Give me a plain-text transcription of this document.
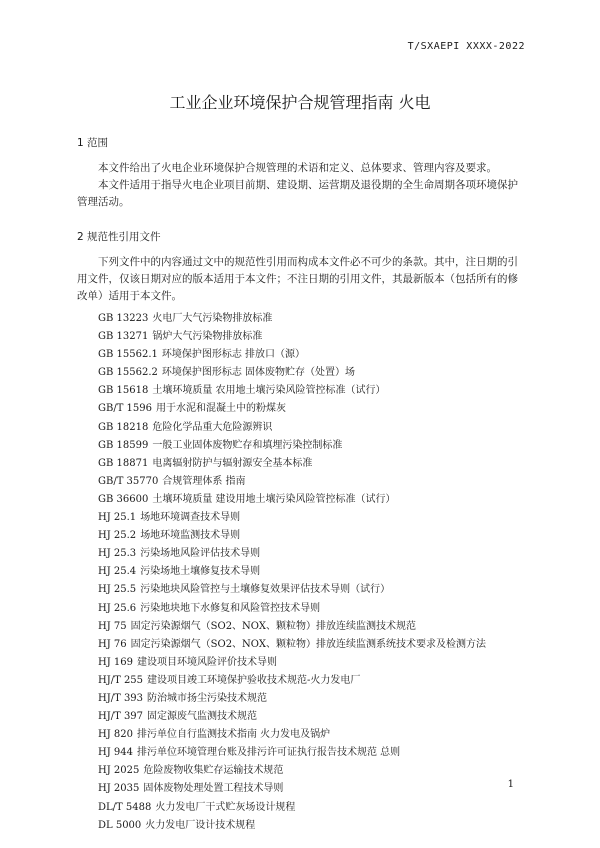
T/SXAEPI XXXX-2022
工业企业环境保护合规管理指南 火电
1 范围

本文件给出了火电企业环境保护合规管理的术语和定义、总体要求、管理内容及要求。

本文件适用于指导火电企业项目前期、建设期、运营期及退役期的全生命周期各项环境保护管理活动。

2 规范性引用文件

下列文件中的内容通过文中的规范性引用而构成本文件必不可少的条款。其中，注日期的引用文件，仅该日期对应的版本适用于本文件；不注日期的引用文件，其最新版本（包括所有的修改单）适用于本文件。

GB 13223 火电厂大气污染物排放标准
GB 13271 锅炉大气污染物排放标准
GB 15562.1 环境保护图形标志 排放口（源）
GB 15562.2 环境保护图形标志 固体废物贮存（处置）场
GB 15618 土壤环境质量 农用地土壤污染风险管控标准（试行）
GB/T 1596 用于水泥和混凝土中的粉煤灰
GB 18218 危险化学品重大危险源辨识
GB 18599 一般工业固体废物贮存和填埋污染控制标准
GB 18871 电离辐射防护与辐射源安全基本标准
GB/T 35770 合规管理体系 指南
GB 36600 土壤环境质量 建设用地土壤污染风险管控标准（试行）
HJ 25.1 场地环境调查技术导则
HJ 25.2 场地环境监测技术导则
HJ 25.3 污染场地风险评估技术导则
HJ 25.4 污染场地土壤修复技术导则
HJ 25.5 污染地块风险管控与土壤修复效果评估技术导则（试行）
HJ 25.6 污染地块地下水修复和风险管控技术导则
HJ 75 固定污染源烟气（SO2、NOX、颗粒物）排放连续监测技术规范
HJ 76 固定污染源烟气（SO2、NOX、颗粒物）排放连续监测系统技术要求及检测方法
HJ 169 建设项目环境风险评价技术导则
HJ/T 255 建设项目竣工环境保护验收技术规范-火力发电厂
HJ/T 393 防治城市扬尘污染技术规范
HJ/T 397 固定源废气监测技术规范
HJ 820 排污单位自行监测技术指南 火力发电及锅炉
HJ 944 排污单位环境管理台账及排污许可证执行报告技术规范 总则
HJ 2025 危险废物收集贮存运输技术规范
HJ 2035 固体废物处理处置工程技术导则
DL/T 5488 火力发电厂干式贮灰场设计规程
DL 5000 火力发电厂设计技术规程
1
